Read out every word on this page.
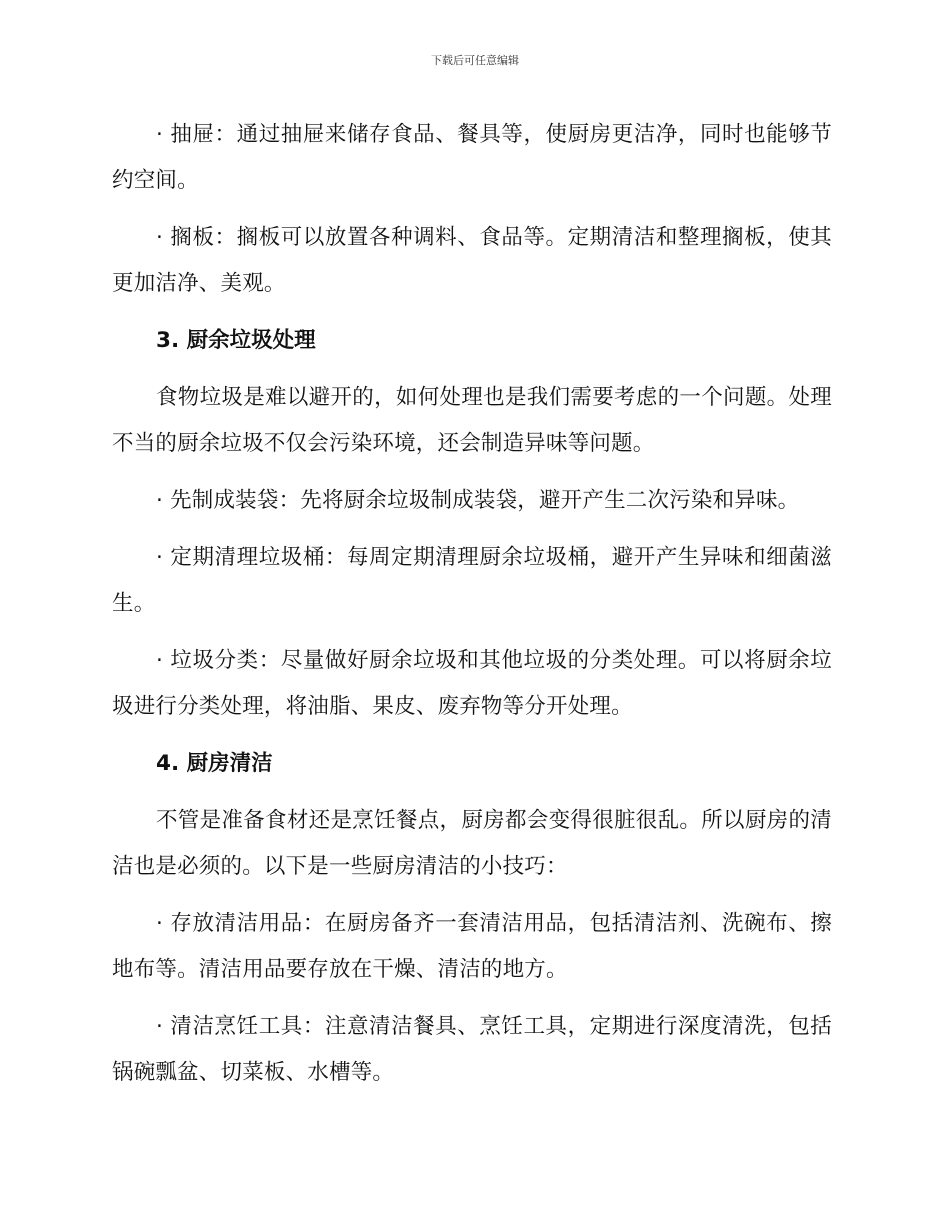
下载后可任意编辑

· 抽屉：通过抽屉来储存食品、餐具等，使厨房更洁净，同时也能够节约空间。

· 搁板：搁板可以放置各种调料、食品等。定期清洁和整理搁板，使其更加洁净、美观。

3. 厨余垃圾处理

食物垃圾是难以避开的，如何处理也是我们需要考虑的一个问题。处理不当的厨余垃圾不仅会污染环境，还会制造异味等问题。

· 先制成装袋：先将厨余垃圾制成装袋，避开产生二次污染和异味。

· 定期清理垃圾桶：每周定期清理厨余垃圾桶，避开产生异味和细菌滋生。

· 垃圾分类：尽量做好厨余垃圾和其他垃圾的分类处理。可以将厨余垃圾进行分类处理，将油脂、果皮、废弃物等分开处理。

4. 厨房清洁

不管是准备食材还是烹饪餐点，厨房都会变得很脏很乱。所以厨房的清洁也是必须的。以下是一些厨房清洁的小技巧：

· 存放清洁用品：在厨房备齐一套清洁用品，包括清洁剂、洗碗布、擦地布等。清洁用品要存放在干燥、清洁的地方。

· 清洁烹饪工具：注意清洁餐具、烹饪工具，定期进行深度清洗，包括锅碗瓢盆、切菜板、水槽等。
